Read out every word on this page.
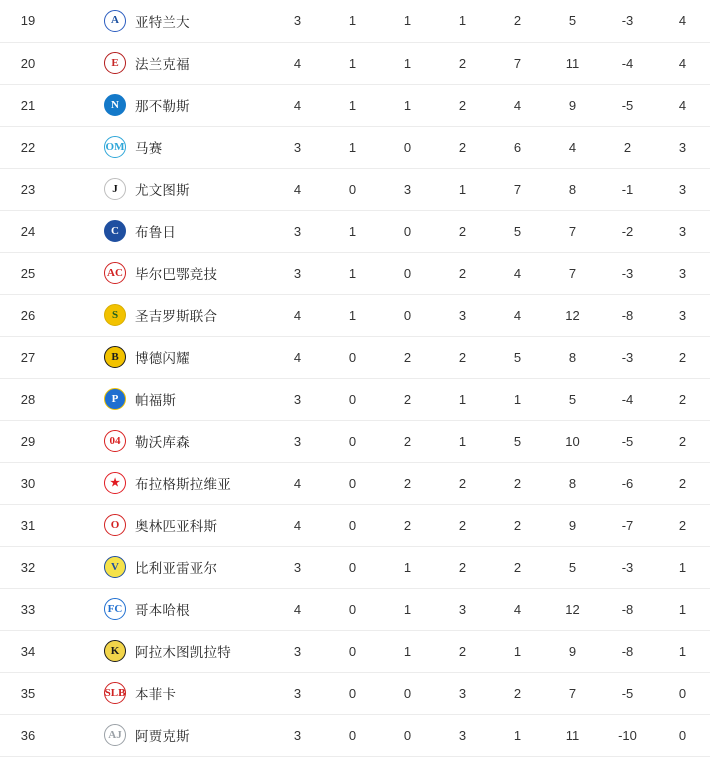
19	A 亚特兰大	3	1	1	1	2	5	-3	4
20	E 法兰克福	4	1	1	2	7	11	-4	4
21	N 那不勒斯	4	1	1	2	4	9	-5	4
22	OM 马赛	3	1	0	2	6	4	2	3
23	J 尤文图斯	4	0	3	1	7	8	-1	3
24	C 布鲁日	3	1	0	2	5	7	-2	3
25	AC 毕尔巴鄂竞技	3	1	0	2	4	7	-3	3
26	S 圣吉罗斯联合	4	1	0	3	4	12	-8	3
27	B 博德闪耀	4	0	2	2	5	8	-3	2
28	P 帕福斯	3	0	2	1	1	5	-4	2
29	04 勒沃库森	3	0	2	1	5	10	-5	2
30	★ 布拉格斯拉维亚	4	0	2	2	2	8	-6	2
31	O 奥林匹亚科斯	4	0	2	2	2	9	-7	2
32	V 比利亚雷亚尔	3	0	1	2	2	5	-3	1
33	FC 哥本哈根	4	0	1	3	4	12	-8	1
34	K 阿拉木图凯拉特	3	0	1	2	1	9	-8	1
35	SLB 本菲卡	3	0	0	3	2	7	-5	0
36	AJ 阿贾克斯	3	0	0	3	1	11	-10	0
